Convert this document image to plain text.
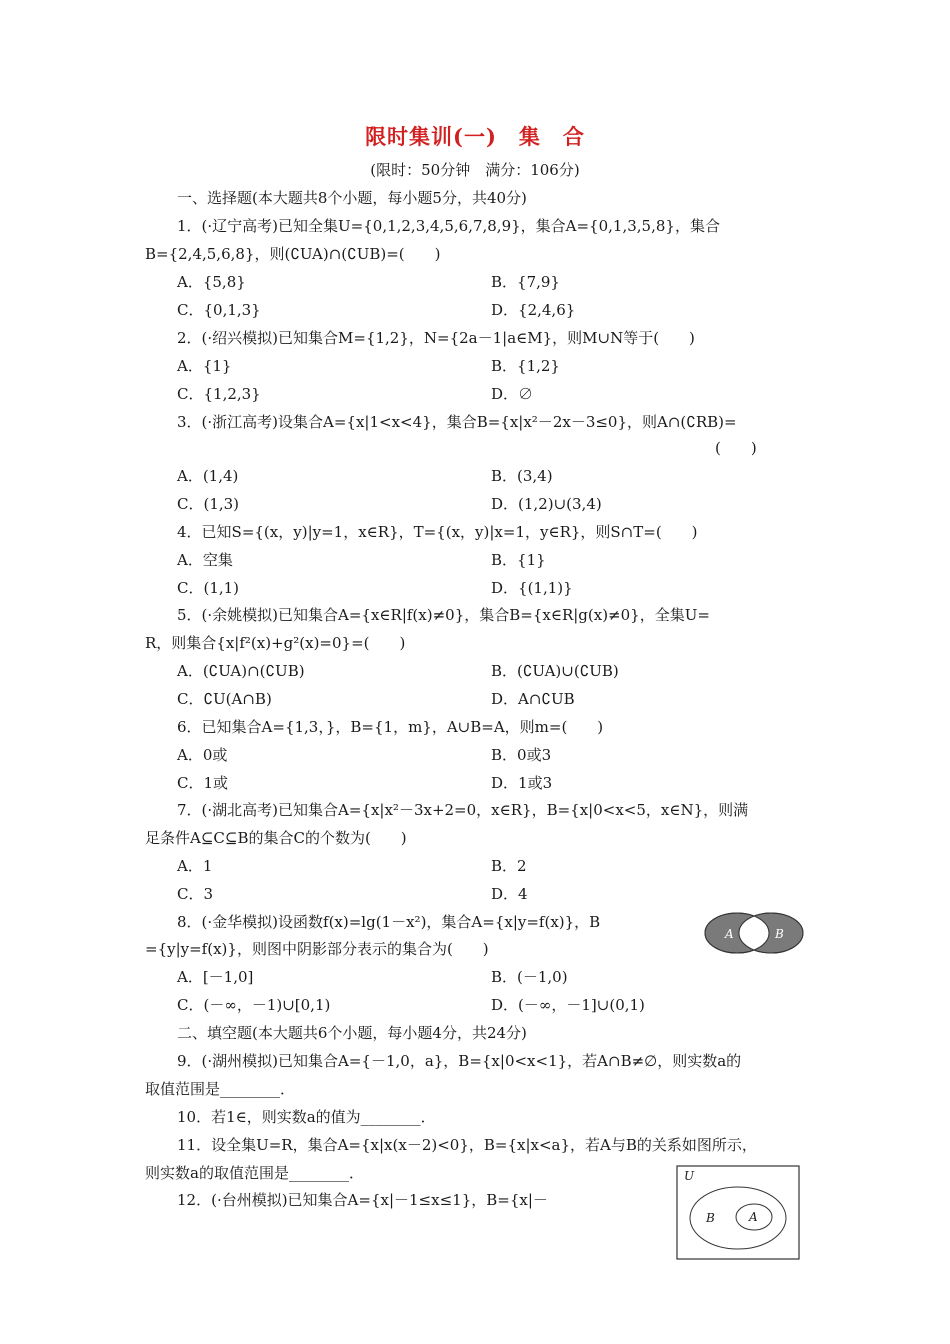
限时集训(一)　集　合
(限时：50分钟　满分：106分)
一、选择题(本大题共8个小题，每小题5分，共40分)
1．(·辽宁高考)已知全集U={0,1,2,3,4,5,6,7,8,9}，集合A={0,1,3,5,8}，集合
B={2,4,5,6,8}，则(∁UA)∩(∁UB)=(　　)
A．{5,8}	B．{7,9}
C．{0,1,3}	D．{2,4,6}
2．(·绍兴模拟)已知集合M={1,2}，N={2a－1|a∈M}，则M∪N等于(　　)
A．{1}	B．{1,2}
C．{1,2,3}	D．∅
3．(·浙江高考)设集合A={x|1<x<4}，集合B={x|x²－2x－3≤0}，则A∩(∁RB)=
(　　)
A．(1,4)	B．(3,4)
C．(1,3)	D．(1,2)∪(3,4)
4．已知S={(x，y)|y=1，x∈R}，T={(x，y)|x=1，y∈R}，则S∩T=(　　)
A．空集	B．{1}
C．(1,1)	D．{(1,1)}
5．(·余姚模拟)已知集合A={x∈R|f(x)≠0}，集合B={x∈R|g(x)≠0}，全集U=
R，则集合{x|f²(x)+g²(x)=0}=(　　)
A．(∁UA)∩(∁UB)	B．(∁UA)∪(∁UB)
C．∁U(A∩B)	D．A∩∁UB
6．已知集合A={1,3，}，B={1，m}，A∪B=A，则m=(　　)
A．0或	B．0或3
C．1或	D．1或3
7．(·湖北高考)已知集合A={x|x²－3x+2=0，x∈R}，B={x|0<x<5，x∈N}，则满
足条件A⊆C⊆B的集合C的个数为(　　)
A．1	B．2
C．3	D．4
8．(·金华模拟)设函数f(x)=lg(1－x²)，集合A={x|y=f(x)}，B
={y|y=f(x)}，则图中阴影部分表示的集合为(　　)
A	B
A．[－1,0]	B．(－1,0)
C．(－∞，－1)∪[0,1)	D．(－∞，－1]∪(0,1)
二、填空题(本大题共6个小题，每小题4分，共24分)
9．(·湖州模拟)已知集合A={－1,0，a}，B={x|0<x<1}，若A∩B≠∅，则实数a的
取值范围是________．
10．若1∈，则实数a的值为________．
11．设全集U=R，集合A={x|x(x－2)<0}，B={x|x<a}，若A与B的关系如图所示，
则实数a的取值范围是________．	U
B	A
12．(·台州模拟)已知集合A={x|－1≤x≤1}，B={x|－
